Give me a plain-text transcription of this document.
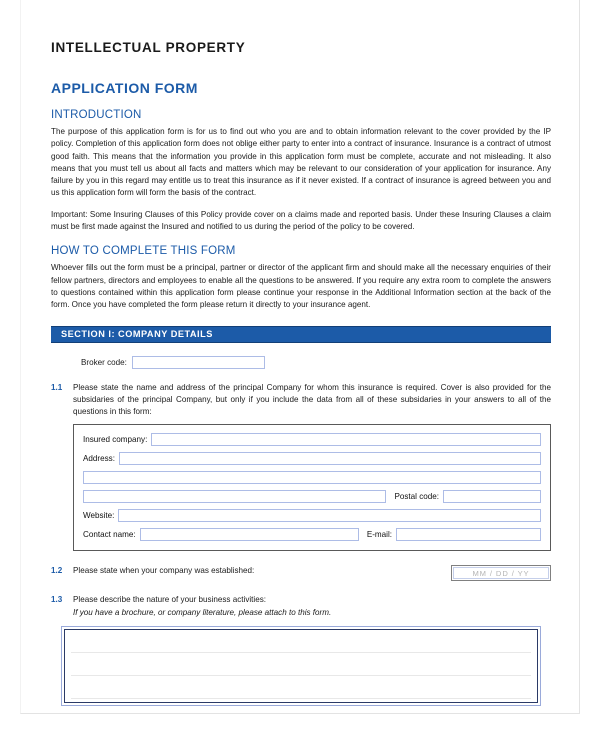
INTELLECTUAL PROPERTY
APPLICATION FORM
INTRODUCTION

The purpose of this application form is for us to find out who you are and to obtain information relevant to the cover provided by the IP policy. Completion of this application form does not oblige either party to enter into a contract of insurance. Insurance is a contract of utmost good faith. This means that the information you provide in this application form must be complete, accurate and not misleading. It also means that you must tell us about all facts and matters which may be relevant to our consideration of your application for insurance. Any failure by you in this regard may entitle us to treat this insurance as if it never existed. If a contract of insurance is agreed between you and us this application form will form the basis of the contract.

Important: Some Insuring Clauses of this Policy provide cover on a claims made and reported basis. Under these Insuring Clauses a claim must be first made against the Insured and notified to us during the period of the policy to be covered.

HOW TO COMPLETE THIS FORM

Whoever fills out the form must be a principal, partner or director of the applicant firm and should make all the necessary enquiries of their fellow partners, directors and employees to enable all the questions to be answered. If you require any extra room to complete the answers to questions contained within this application form please continue your response in the Additional Information section at the back of the form. Once you have completed the form please return it directly to your insurance agent.

SECTION I: COMPANY DETAILS
Broker code:
1.1	Please state the name and address of the principal Company for whom this insurance is required. Cover is also provided for the subsidaries of the principal Company, but only if you include the data from all of these subsidaries in your answers to all of the questions in this form:
Insured company:
Address:
Postal code:
Website:
Contact name:	E-mail:
1.2	Please state when your company was established:	MM / DD / YY
1.3	Please describe the nature of your business activities:
If you have a brochure, or company literature, please attach to this form.
